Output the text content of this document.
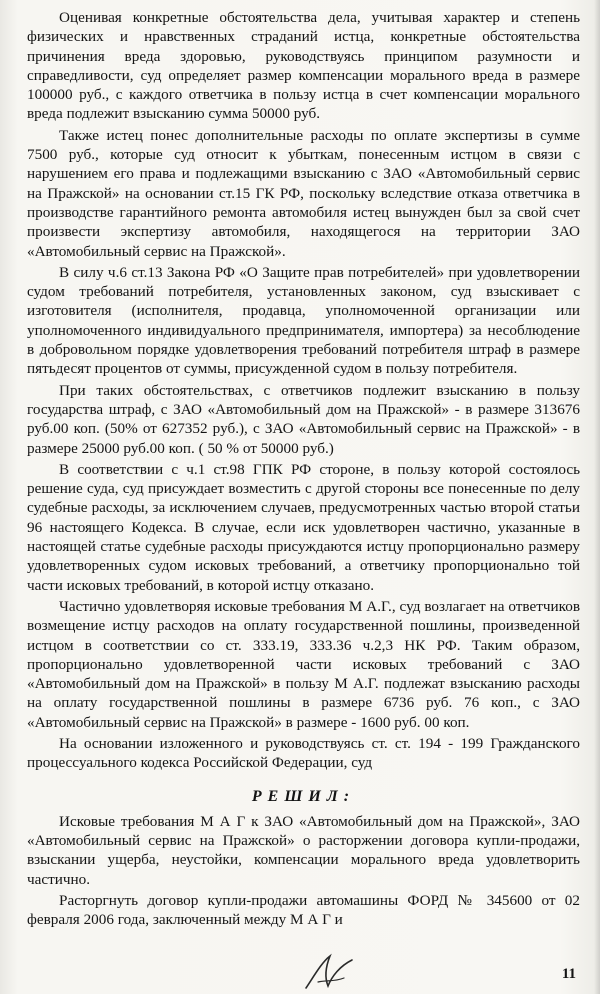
Оценивая конкретные обстоятельства дела, учитывая характер и степень физических и нравственных страданий истца, конкретные обстоятельства причинения вреда здоровью, руководствуясь принципом разумности и справедливости, суд определяет размер компенсации морального вреда в размере 100000 руб., с каждого ответчика в пользу истца в счет компенсации морального вреда подлежит взысканию сумма 50000 руб.

Также истец понес дополнительные расходы по оплате экспертизы в сумме 7500 руб., которые суд относит к убыткам, понесенным истцом в связи с нарушением его права и подлежащими взысканию с ЗАО «Автомобильный сервис на Пражской» на основании ст.15 ГК РФ, поскольку вследствие отказа ответчика в производстве гарантийного ремонта автомобиля истец вынужден был за свой счет произвести экспертизу автомобиля, находящегося на территории ЗАО «Автомобильный сервис на Пражской».

В силу ч.6 ст.13 Закона РФ «О Защите прав потребителей» при удовлетворении судом требований потребителя, установленных законом, суд взыскивает с изготовителя (исполнителя, продавца, уполномоченной организации или уполномоченного индивидуального предпринимателя, импортера) за несоблюдение в добровольном порядке удовлетворения требований потребителя штраф в размере пятьдесят процентов от суммы, присужденной судом в пользу потребителя.

При таких обстоятельствах, с ответчиков подлежит взысканию в пользу государства штраф, с ЗАО «Автомобильный дом на Пражской» - в размере 313676 руб.00 коп. (50% от 627352 руб.), с ЗАО «Автомобильный сервис на Пражской» - в размере 25000 руб.00 коп. ( 50 % от 50000 руб.)

В соответствии с ч.1 ст.98 ГПК РФ стороне, в пользу которой состоялось решение суда, суд присуждает возместить с другой стороны все понесенные по делу судебные расходы, за исключением случаев, предусмотренных частью второй статьи 96 настоящего Кодекса. В случае, если иск удовлетворен частично, указанные в настоящей статье судебные расходы присуждаются истцу пропорционально размеру удовлетворенных судом исковых требований, а ответчику пропорционально той части исковых требований, в которой истцу отказано.

Частично удовлетворяя исковые требования М А.Г., суд возлагает на ответчиков возмещение истцу расходов на оплату государственной пошлины, произведенной истцом в соответствии со ст. 333.19, 333.36 ч.2,3 НК РФ. Таким образом, пропорционально удовлетворенной части исковых требований с ЗАО «Автомобильный дом на Пражской» в пользу М А.Г. подлежат взысканию расходы на оплату государственной пошлины в размере 6736 руб. 76 коп., с ЗАО «Автомобильный сервис на Пражской» в размере - 1600 руб. 00 коп.

На основании изложенного и руководствуясь ст. ст. 194 - 199 Гражданского процессуального кодекса Российской Федерации, суд

РЕШИЛ:

Исковые требования М А Г к ЗАО «Автомобильный дом на Пражской», ЗАО «Автомобильный сервис на Пражской» о расторжении договора купли-продажи, взыскании ущерба, неустойки, компенсации морального вреда удовлетворить частично.

Расторгнуть договор купли-продажи автомашины ФОРД № 345600 от 02 февраля 2006 года, заключенный между М А Г и

11
